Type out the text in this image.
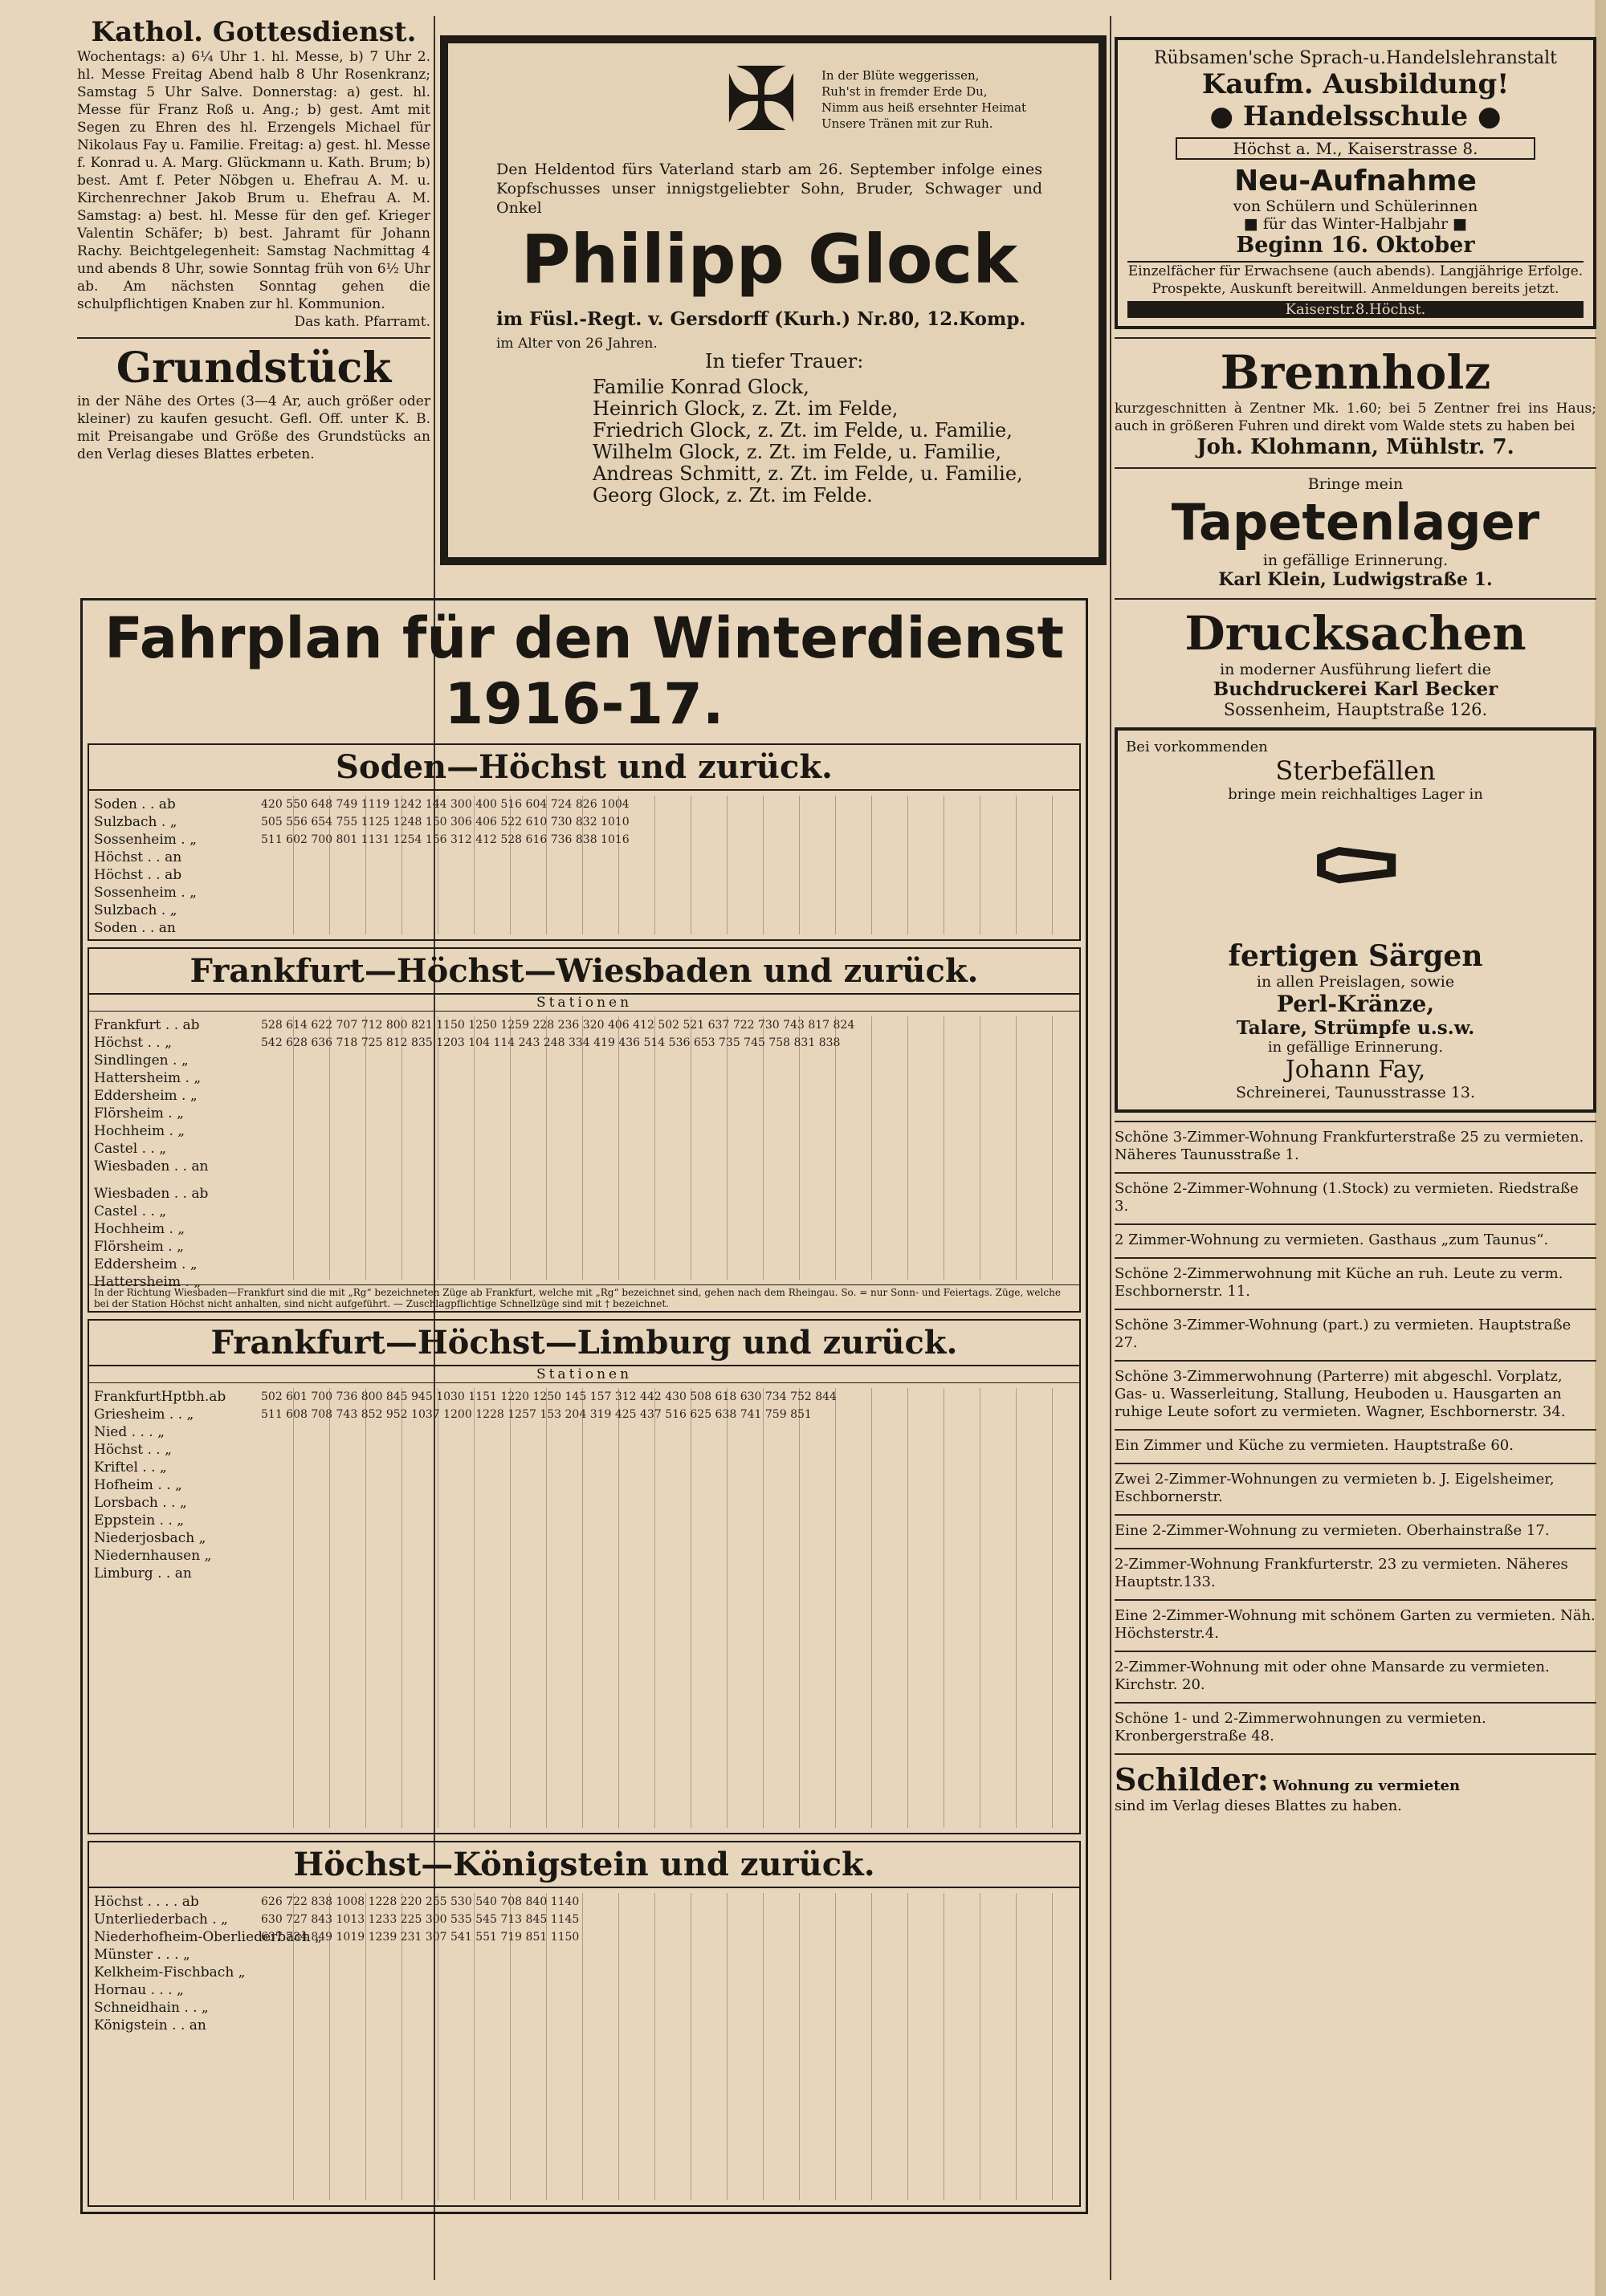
Kathol. Gottesdienst.
Wochentags: a) 6¼ Uhr 1. hl. Messe, b) 7 Uhr 2. hl. Messe Freitag Abend halb 8 Uhr Rosenkranz; Samstag 5 Uhr Salve. Donnerstag: a) gest. hl. Messe für Franz Roß u. Ang.; b) gest. Amt mit Segen zu Ehren des hl. Erzengels Michael für Nikolaus Fay u. Familie. Freitag: a) gest. hl. Messe f. Konrad u. A. Marg. Glückmann u. Kath. Brum; b) best. Amt f. Peter Nöbgen u. Ehefrau A. M. u. Kirchenrechner Jakob Brum u. Ehefrau A. M. Samstag: a) best. hl. Messe für den gef. Krieger Valentin Schäfer; b) best. Jahramt für Johann Rachy. Beichtgelegenheit: Samstag Nachmittag 4 und abends 8 Uhr, sowie Sonntag früh von 6½ Uhr ab. Am nächsten Sonntag gehen die schulpflichtigen Knaben zur hl. Kommunion.
Das kath. Pfarramt.
Grundstück
in der Nähe des Ortes (3—4 Ar, auch größer oder kleiner) zu kaufen gesucht. Gefl. Off. unter K. B. mit Preisangabe und Größe des Grundstücks an den Verlag dieses Blattes erbeten.
✠ In der Blüte weggerissen,
Ruh'st in fremder Erde Du,
Nimm aus heiß ersehnter Heimat
Unsere Tränen mit zur Ruh.
Den Heldentod fürs Vaterland starb am 26. September infolge eines Kopfschusses unser innigstgeliebter Sohn, Bruder, Schwager und Onkel
Philipp Glock
im Füsl.-Regt. v. Gersdorff (Kurh.) Nr.80, 12.Komp.
im Alter von 26 Jahren.
In tiefer Trauer:
Familie Konrad Glock,
Heinrich Glock, z. Zt. im Felde,
Friedrich Glock, z. Zt. im Felde, u. Familie,
Wilhelm Glock, z. Zt. im Felde, u. Familie,
Andreas Schmitt, z. Zt. im Felde, u. Familie,
Georg Glock, z. Zt. im Felde.
Fahrplan für den Winterdienst 1916-17.
Soden—Höchst und zurück.
Soden . . ab
Sulzbach . „
Sossenheim . „
Höchst . . an
Höchst . . ab
Sossenheim . „
Sulzbach . „
Soden . . an
420 550 648 749 1119 1242 144 300 400 516 604 724 826 1004
505 556 654 755 1125 1248 150 306 406 522 610 730 832 1010
511 602 700 801 1131 1254 156 312 412 528 616 736 838 1016
Frankfurt—Höchst—Wiesbaden und zurück.
Stationen
Frankfurt . . ab
Höchst . . „
Sindlingen . „
Hattersheim . „
Eddersheim . „
Flörsheim . „
Hochheim . „
Castel . . „
Wiesbaden . . an
Wiesbaden . . ab
Castel . . „
Hochheim . „
Flörsheim . „
Eddersheim . „
Hattersheim . „
528 614 622 707 712 800 821 1150 1250 1259 228 236 320 406 412 502 521 637 722 730 743 817 824
542 628 636 718 725 812 835 1203 104 114 243 248 334 419 436 514 536 653 735 745 758 831 838
In der Richtung Wiesbaden—Frankfurt sind die mit „Rg“ bezeichneten Züge ab Frankfurt, welche mit „Rg“ bezeichnet sind, gehen nach dem Rheingau. So. = nur Sonn- und Feiertags. Züge, welche bei der Station Höchst nicht anhalten, sind nicht aufgeführt. — Zuschlagpflichtige Schnellzüge sind mit † bezeichnet.
Frankfurt—Höchst—Limburg und zurück.
Stationen
FrankfurtHptbh.ab
Griesheim . . „
Nied . . . „
Höchst . . „
Kriftel . . „
Hofheim . . „
Lorsbach . . „
Eppstein . . „
Niederjosbach „
Niedernhausen „
Limburg . . an
502 601 700 736 800 845 945 1030 1151 1220 1250 145 157 312 442 430 508 618 630 734 752 844
511 608 708 743 852 952 1037 1200 1228 1257 153 204 319 425 437 516 625 638 741 759 851
Höchst—Königstein und zurück.
Höchst . . . . ab
Unterliederbach . „
Niederhofheim-Oberliederbach „
Münster . . . „
Kelkheim-Fischbach „
Hornau . . . „
Schneidhain . . „
Königstein . . an
626 722 838 1008 1228 220 255 530 540 708 840 1140
630 727 843 1013 1233 225 300 535 545 713 845 1145
637 734 849 1019 1239 231 307 541 551 719 851 1150
Rübsamen'sche Sprach-u.Handelslehranstalt
Kaufm. Ausbildung!
● Handelsschule ●
Höchst a. M., Kaiserstrasse 8.
Neu-Aufnahme
von Schülern und Schülerinnen
■ für das Winter-Halbjahr ■
Beginn 16. Oktober
Einzelfächer für Erwachsene (auch abends). Langjährige Erfolge. Prospekte, Auskunft bereitwill. Anmeldungen bereits jetzt.
Kaiserstr.8.Höchst.
Brennholz
kurzgeschnitten à Zentner Mk. 1.60; bei 5 Zentner frei ins Haus; auch in größeren Fuhren und direkt vom Walde stets zu haben bei
Joh. Klohmann, Mühlstr. 7.
Bringe mein
Tapetenlager
in gefällige Erinnerung.
Karl Klein, Ludwigstraße 1.
Drucksachen
in moderner Ausführung liefert die
Buchdruckerei Karl Becker
Sossenheim, Hauptstraße 126.
Bei vorkommenden
Sterbefällen
bringe mein reichhaltiges Lager in
⚰
fertigen Särgen
in allen Preislagen, sowie
Perl-Kränze,
Talare, Strümpfe u.s.w.
in gefällige Erinnerung.
Johann Fay,
Schreinerei, Taunusstrasse 13.
Schöne 3-Zimmer-Wohnung Frankfurterstraße 25 zu vermieten. Näheres Taunusstraße 1.
Schöne 2-Zimmer-Wohnung (1.Stock) zu vermieten. Riedstraße 3.
2 Zimmer-Wohnung zu vermieten. Gasthaus „zum Taunus“.
Schöne 2-Zimmerwohnung mit Küche an ruh. Leute zu verm. Eschbornerstr. 11.
Schöne 3-Zimmer-Wohnung (part.) zu vermieten. Hauptstraße 27.
Schöne 3-Zimmerwohnung (Parterre) mit abgeschl. Vorplatz, Gas- u. Wasserleitung, Stallung, Heuboden u. Hausgarten an ruhige Leute sofort zu vermieten. Wagner, Eschbornerstr. 34.
Ein Zimmer und Küche zu vermieten. Hauptstraße 60.
Zwei 2-Zimmer-Wohnungen zu vermieten b. J. Eigelsheimer, Eschbornerstr.
Eine 2-Zimmer-Wohnung zu vermieten. Oberhainstraße 17.
2-Zimmer-Wohnung Frankfurterstr. 23 zu vermieten. Näheres Hauptstr.133.
Eine 2-Zimmer-Wohnung mit schönem Garten zu vermieten. Näh. Höchsterstr.4.
2-Zimmer-Wohnung mit oder ohne Mansarde zu vermieten. Kirchstr. 20.
Schöne 1- und 2-Zimmerwohnungen zu vermieten. Kronbergerstraße 48.
Schilder: Wohnung zu vermieten
sind im Verlag dieses Blattes zu haben.
